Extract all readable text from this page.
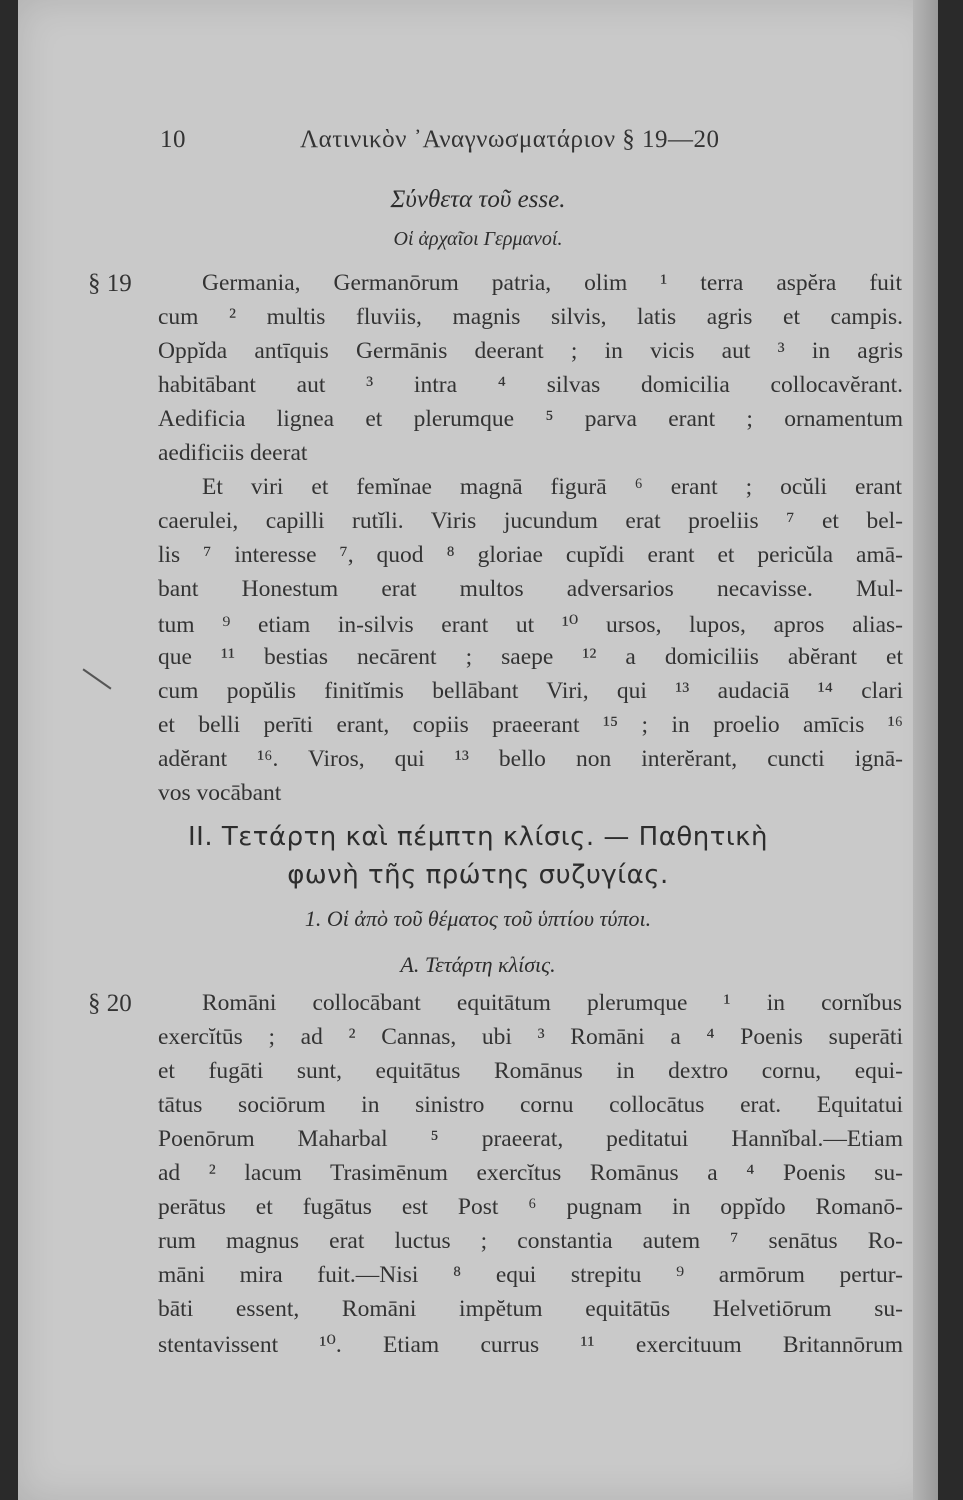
10	Λατινικὸν ᾿Αναγνωσματάριον § 19—20
Σύνθετα τοῦ esse.
Οἱ ἀρχαῖοι Γερμανοί.
§ 19	Germania, Germanōrum patria, olim ¹ terra aspĕra fuit
cum ² multis fluviis, magnis silvis, latis agris et campis.
Oppĭda antīquis Germānis deerant ; in vicis aut ³ in agris
habitābant aut ³ intra ⁴ silvas domicilia collocavĕrant.
Aedificia lignea et plerumque ⁵ parva erant ; ornamentum
aedificiis deerat
Et viri et femĭnae magnā figurā ⁶ erant ; ocŭli erant
caerulei, capilli rutĭli. Viris jucundum erat proeliis ⁷ et bel-
lis ⁷ interesse ⁷, quod ⁸ gloriae cupĭdi erant et pericŭla amā-
bant Honestum erat multos adversarios necavisse. Mul-
tum ⁹ etiam in-silvis erant ut ¹⁰ ursos, lupos, apros alias-
que ¹¹ bestias necārent ; saepe ¹² a domiciliis abĕrant et
cum popŭlis finitĭmis bellābant Viri, qui ¹³ audaciā ¹⁴ clari
et belli perīti erant, copiis praeerant ¹⁵ ; in proelio amīcis ¹⁶
adĕrant ¹⁶. Viros, qui ¹³ bello non interĕrant, cuncti ignā-
vos vocābant
II. Τετάρτη καὶ πέμπτη κλίσις. — Παθητικὴ
φωνὴ τῆς πρώτης συζυγίας.
1. Οἱ ἀπὸ τοῦ θέματος τοῦ ὑπτίου τύποι.
Α. Τετάρτη κλίσις.
§ 20	Romāni collocābant equitātum plerumque ¹ in cornĭbus
exercĭtūs ; ad ² Cannas, ubi ³ Romāni a ⁴ Poenis superāti
et fugāti sunt, equitātus Romānus in dextro cornu, equi-
tātus sociōrum in sinistro cornu collocātus erat. Equitatui
Poenōrum Maharbal ⁵ praeerat, peditatui Hannĭbal.—Etiam
ad ² lacum Trasimēnum exercĭtus Romānus a ⁴ Poenis su-
perātus et fugātus est Post ⁶ pugnam in oppĭdo Romanō-
rum magnus erat luctus ; constantia autem ⁷ senātus Ro-
māni mira fuit.—Nisi ⁸ equi strepitu ⁹ armōrum pertur-
bāti essent, Romāni impĕtum equitātūs Helvetiōrum su-
stentavissent ¹⁰. Etiam currus ¹¹ exercituum Britannōrum
